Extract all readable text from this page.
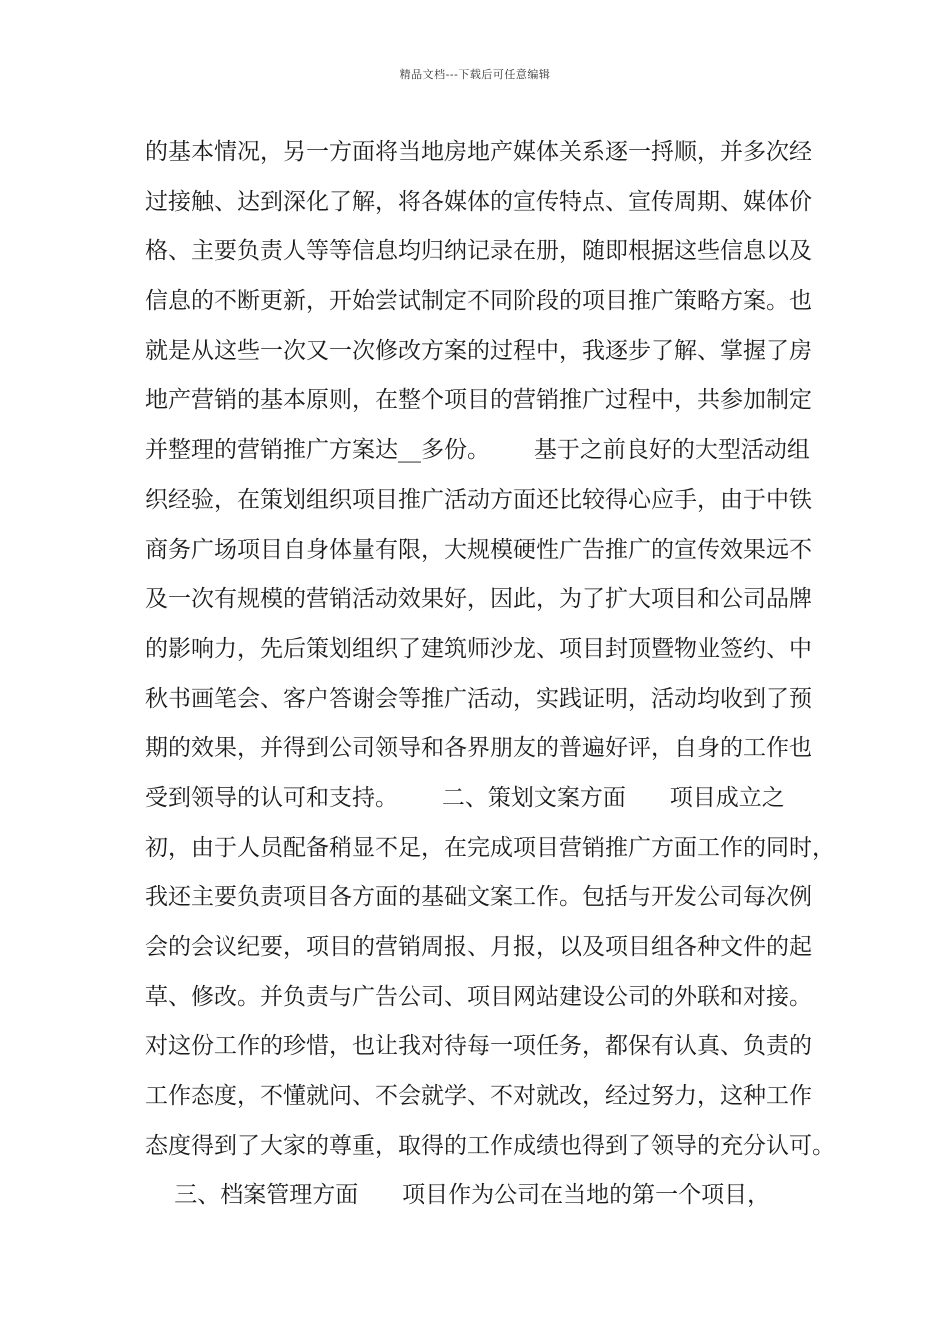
精品文档---下载后可任意编辑
的基本情况，另一方面将当地房地产媒体关系逐一捋顺，并多次经
过接触、达到深化了解，将各媒体的宣传特点、宣传周期、媒体价
格、主要负责人等等信息均归纳记录在册，随即根据这些信息以及
信息的不断更新，开始尝试制定不同阶段的项目推广策略方案。也
就是从这些一次又一次修改方案的过程中，我逐步了解、掌握了房
地产营销的基本原则，在整个项目的营销推广过程中，共参加制定
并整理的营销推广方案达__多份。      基于之前良好的大型活动组
织经验，在策划组织项目推广活动方面还比较得心应手，由于中铁
商务广场项目自身体量有限，大规模硬性广告推广的宣传效果远不
及一次有规模的营销活动效果好，因此，为了扩大项目和公司品牌
的影响力，先后策划组织了建筑师沙龙、项目封顶暨物业签约、中
秋书画笔会、客户答谢会等推广活动，实践证明，活动均收到了预
期的效果，并得到公司领导和各界朋友的普遍好评，自身的工作也
受到领导的认可和支持。      二、策划文案方面      项目成立之
初，由于人员配备稍显不足，在完成项目营销推广方面工作的同时，
我还主要负责项目各方面的基础文案工作。包括与开发公司每次例
会的会议纪要，项目的营销周报、月报，以及项目组各种文件的起
草、修改。并负责与广告公司、项目网站建设公司的外联和对接。
对这份工作的珍惜，也让我对待每一项任务，都保有认真、负责的
工作态度，不懂就问、不会就学、不对就改，经过努力，这种工作
态度得到了大家的尊重，取得的工作成绩也得到了领导的充分认可。
三、档案管理方面      项目作为公司在当地的第一个项目，
